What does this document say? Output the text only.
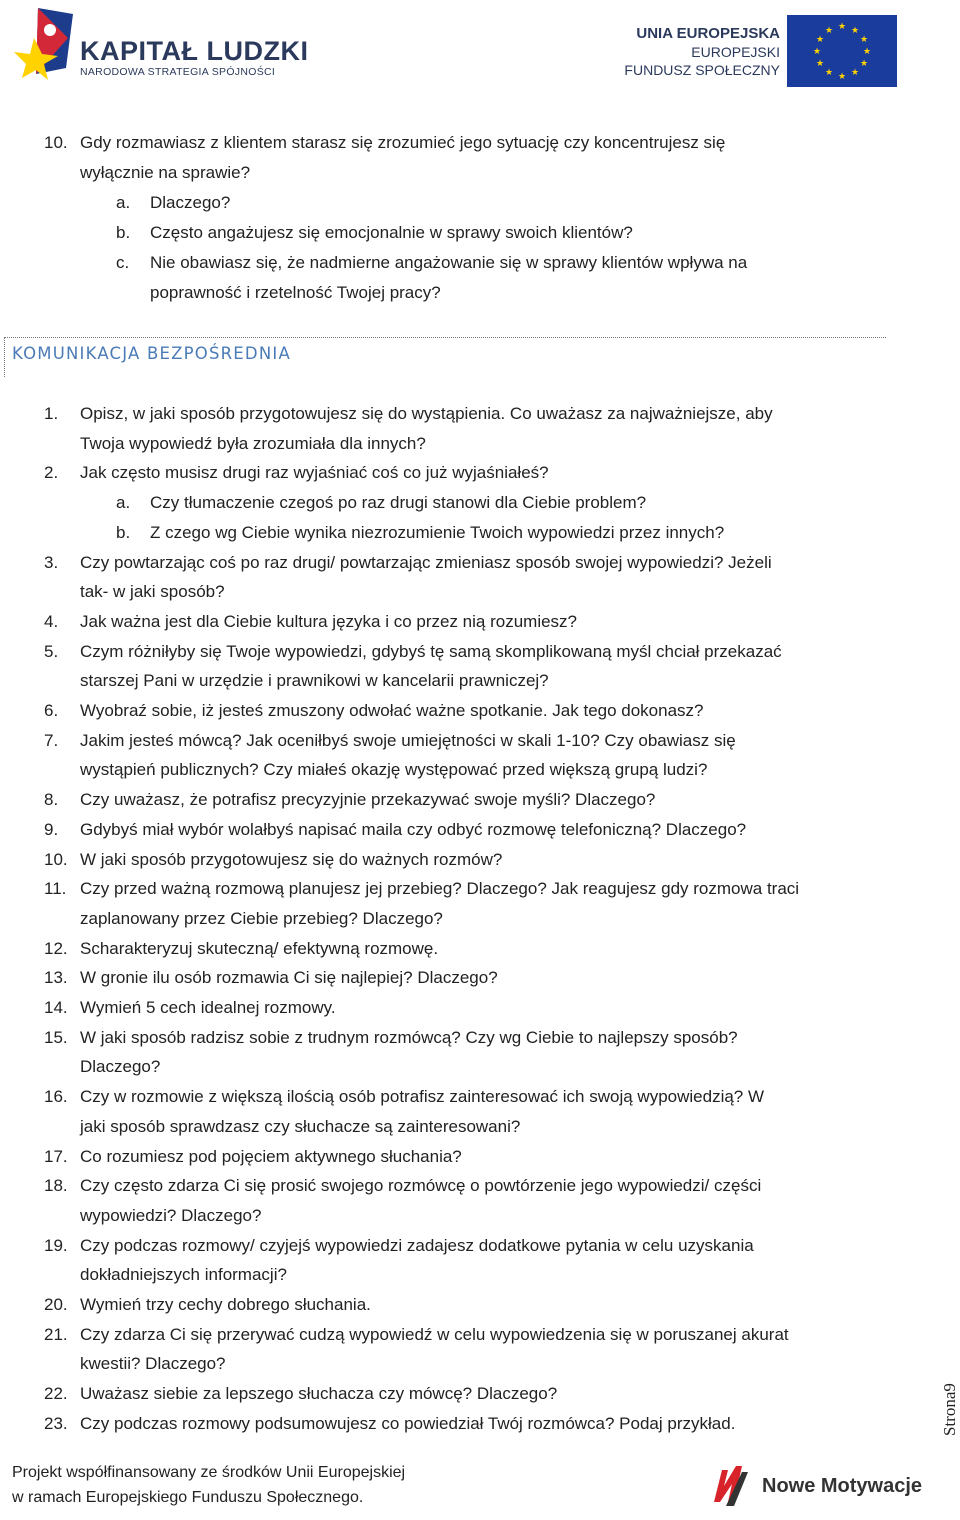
KAPITAŁ LUDZKI
NARODOWA STRATEGIA SPÓJNOŚCI
UNIA EUROPEJSKA
EUROPEJSKI
FUNDUSZ SPOŁECZNY
★ ★
★
★
★
★
★
★
★
★
★
★
10. Gdy rozmawiasz z klientem starasz się zrozumieć jego sytuację czy koncentrujesz się
wyłącznie na sprawie?
a. Dlaczego?
b. Często angażujesz się emocjonalnie w sprawy swoich klientów?
c. Nie obawiasz się, że nadmierne angażowanie się w sprawy klientów wpływa na
poprawność i rzetelność Twojej pracy?
KOMUNIKACJA BEZPOŚREDNIA
1. Opisz, w jaki sposób przygotowujesz się do wystąpienia. Co uważasz za najważniejsze, aby
Twoja wypowiedź była zrozumiała dla innych?
2. Jak często musisz drugi raz wyjaśniać coś co już wyjaśniałeś?
a. Czy tłumaczenie czegoś po raz drugi stanowi dla Ciebie problem?
b. Z czego wg Ciebie wynika niezrozumienie Twoich wypowiedzi przez innych?
3. Czy powtarzając coś po raz drugi/ powtarzając zmieniasz sposób swojej wypowiedzi? Jeżeli
tak- w jaki sposób?
4. Jak ważna jest dla Ciebie kultura języka i co przez nią rozumiesz?
5. Czym różniłyby się Twoje wypowiedzi, gdybyś tę samą skomplikowaną myśl chciał przekazać
starszej Pani w urzędzie i prawnikowi w kancelarii prawniczej?
6. Wyobraź sobie, iż jesteś zmuszony odwołać ważne spotkanie. Jak tego dokonasz?
7. Jakim jesteś mówcą? Jak oceniłbyś swoje umiejętności w skali 1-10? Czy obawiasz się
wystąpień publicznych? Czy miałeś okazję występować przed większą grupą ludzi?
8. Czy uważasz, że potrafisz precyzyjnie przekazywać swoje myśli? Dlaczego?
9. Gdybyś miał wybór wolałbyś napisać maila czy odbyć rozmowę telefoniczną? Dlaczego?
10. W jaki sposób przygotowujesz się do ważnych rozmów?
11. Czy przed ważną rozmową planujesz jej przebieg? Dlaczego? Jak reagujesz gdy rozmowa traci
zaplanowany przez Ciebie przebieg? Dlaczego?
12. Scharakteryzuj skuteczną/ efektywną rozmowę.
13. W gronie ilu osób rozmawia Ci się najlepiej? Dlaczego?
14. Wymień 5 cech idealnej rozmowy.
15. W jaki sposób radzisz sobie z trudnym rozmówcą? Czy wg Ciebie to najlepszy sposób?
Dlaczego?
16. Czy w rozmowie z większą ilością osób potrafisz zainteresować ich swoją wypowiedzią? W
jaki sposób sprawdzasz czy słuchacze są zainteresowani?
17. Co rozumiesz pod pojęciem aktywnego słuchania?
18. Czy często zdarza Ci się prosić swojego rozmówcę o powtórzenie jego wypowiedzi/ części
wypowiedzi? Dlaczego?
19. Czy podczas rozmowy/ czyjejś wypowiedzi zadajesz dodatkowe pytania w celu uzyskania
dokładniejszych informacji?
20. Wymień trzy cechy dobrego słuchania.
21. Czy zdarza Ci się przerywać cudzą wypowiedź w celu wypowiedzenia się w poruszanej akurat
kwestii? Dlaczego?
22. Uważasz siebie za lepszego słuchacza czy mówcę? Dlaczego?
23. Czy podczas rozmowy podsumowujesz co powiedział Twój rozmówca? Podaj przykład.
Projekt współfinansowany ze środków Unii Europejskiej
w ramach Europejskiego Funduszu Społecznego.
Nowe Motywacje
Strona9
